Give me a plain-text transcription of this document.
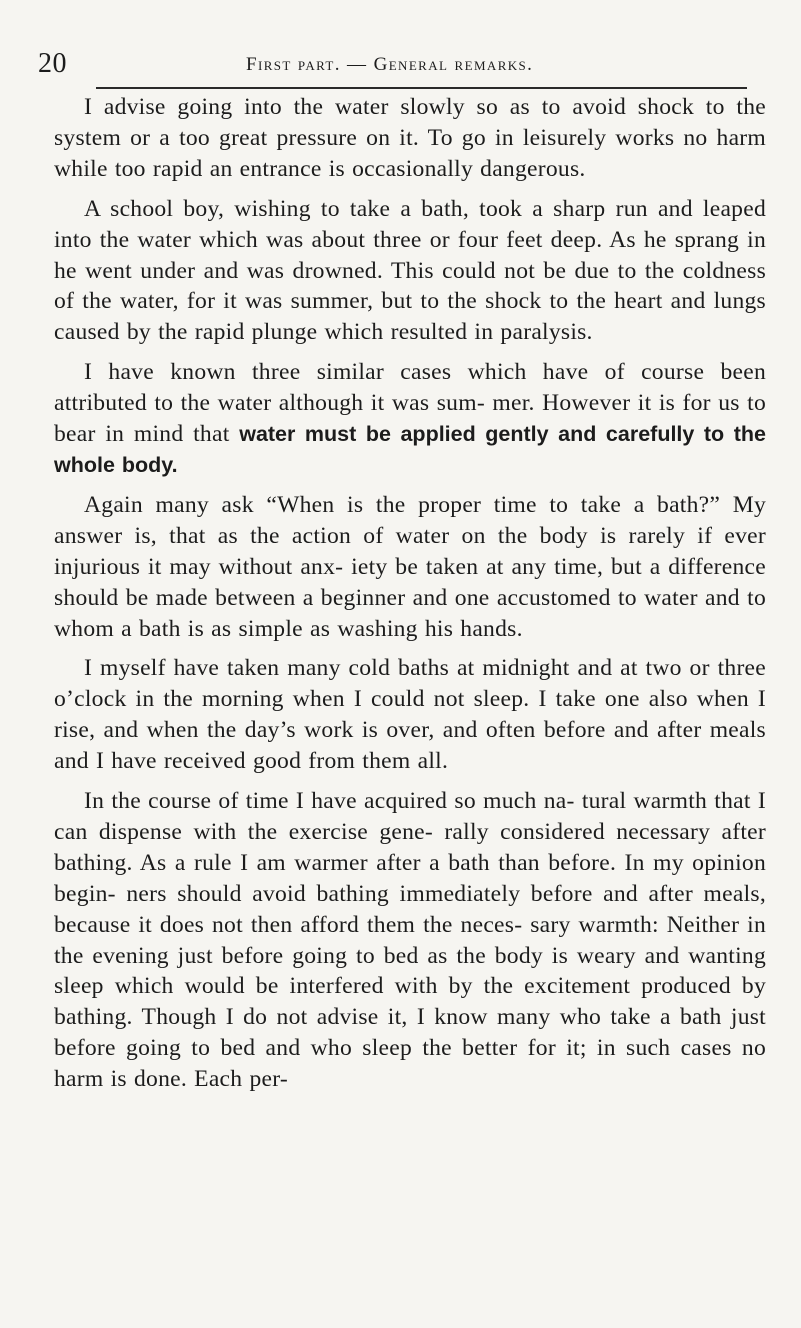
20	First part. — General remarks.

I advise going into the water slowly so as to avoid shock to the system or a too great pressure on it. To go in leisurely works no harm while too rapid an entrance is occasionally dangerous.

A school boy, wishing to take a bath, took a sharp run and leaped into the water which was about three or four feet deep. As he sprang in he went under and was drowned. This could not be due to the coldness of the water, for it was summer, but to the shock to the heart and lungs caused by the rapid plunge which resulted in paralysis.

I have known three similar cases which have of course been attributed to the water although it was sum- mer. However it is for us to bear in mind that water must be applied gently and carefully to the whole body.

Again many ask “When is the proper time to take a bath?” My answer is, that as the action of water on the body is rarely if ever injurious it may without anx- iety be taken at any time, but a difference should be made between a beginner and one accustomed to water and to whom a bath is as simple as washing his hands.

I myself have taken many cold baths at midnight and at two or three o’clock in the morning when I could not sleep. I take one also when I rise, and when the day’s work is over, and often before and after meals and I have received good from them all.

In the course of time I have acquired so much na- tural warmth that I can dispense with the exercise gene- rally considered necessary after bathing. As a rule I am warmer after a bath than before. In my opinion begin- ners should avoid bathing immediately before and after meals, because it does not then afford them the neces- sary warmth: Neither in the evening just before going to bed as the body is weary and wanting sleep which would be interfered with by the excitement produced by bathing. Though I do not advise it, I know many who take a bath just before going to bed and who sleep the better for it; in such cases no harm is done. Each per-
